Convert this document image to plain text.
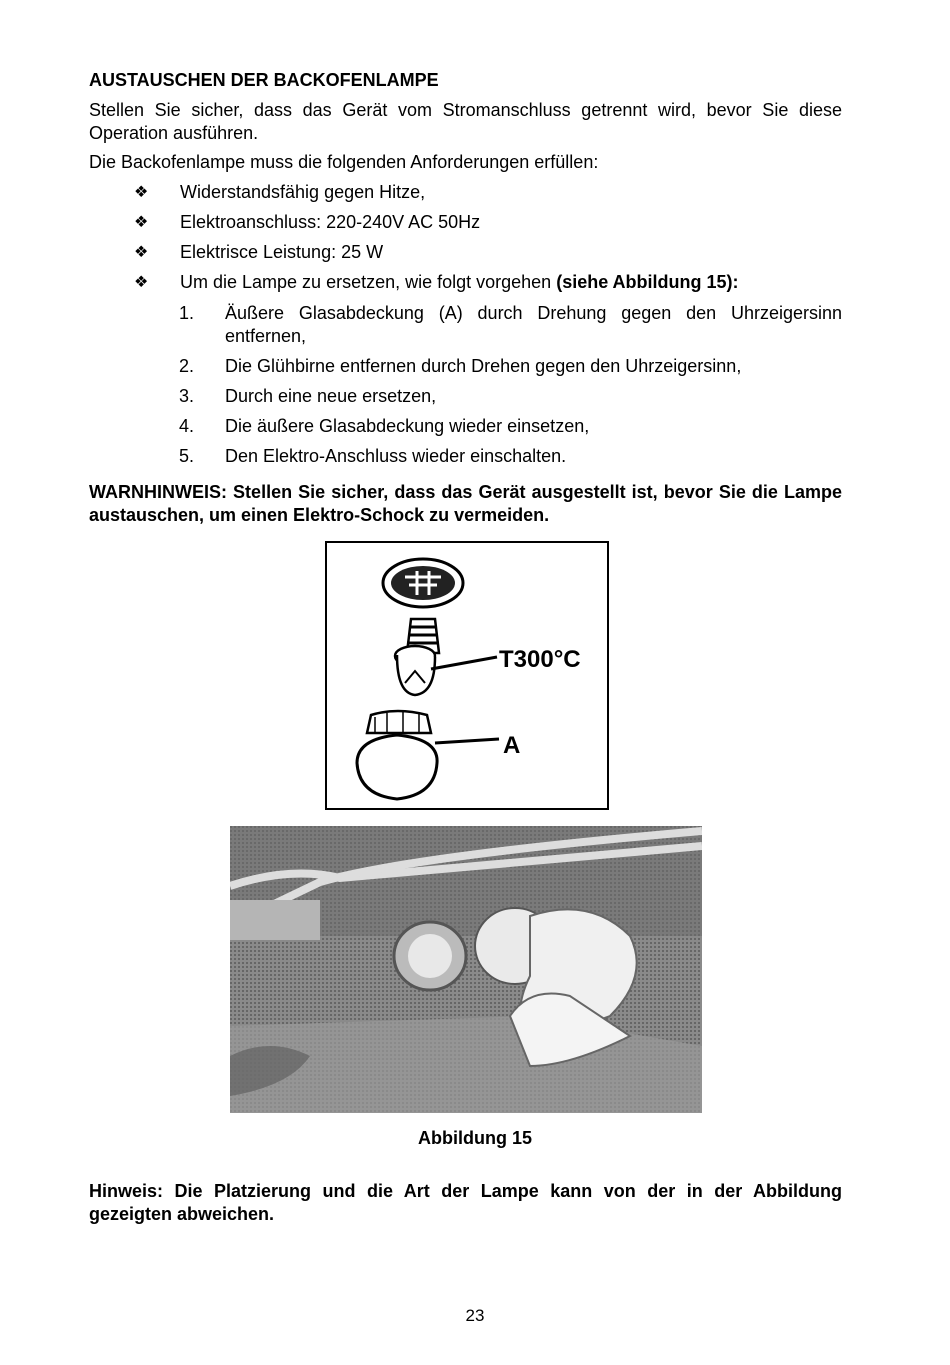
AUSTAUSCHEN DER BACKOFENLAMPE
Stellen Sie sicher, dass das Gerät vom Stromanschluss getrennt wird, bevor Sie diese Operation ausführen.
Die Backofenlampe muss die folgenden Anforderungen erfüllen:
❖ Widerstandsfähig gegen Hitze,
❖ Elektroanschluss: 220-240V AC 50Hz
❖ Elektrisce Leistung: 25 W
❖ Um die Lampe zu ersetzen, wie folgt vorgehen (siehe Abbildung 15):
1. Äußere Glasabdeckung (A) durch Drehung gegen den Uhrzeigersinn entfernen,
2. Die Glühbirne entfernen durch Drehen gegen den Uhrzeigersinn,
3. Durch eine neue ersetzen,
4. Die äußere Glasabdeckung wieder einsetzen,
5. Den Elektro-Anschluss wieder einschalten.
WARNHINWEIS: Stellen Sie sicher, dass das Gerät ausgestellt ist, bevor Sie die Lampe austauschen, um einen Elektro-Schock zu vermeiden.
T300°C
A
Abbildung 15
Hinweis: Die Platzierung und die Art der Lampe kann von der in der Abbildung gezeigten abweichen.
23
